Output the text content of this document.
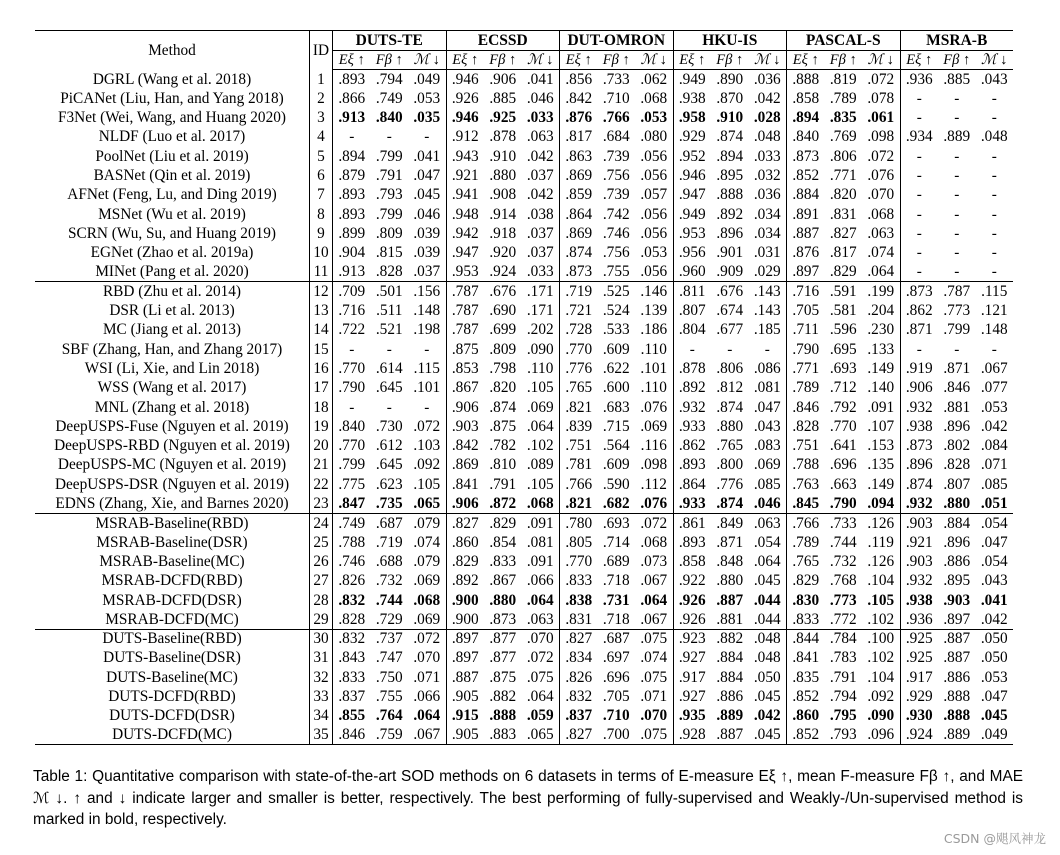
Method	ID	DUTS-TE			ECSSD			DUT-OMRON			HKU-IS			PASCAL-S			MSRA-B		
		Eξ ↑	Fβ ↑	ℳ ↓	Eξ ↑	Fβ ↑	ℳ ↓	Eξ ↑	Fβ ↑	ℳ ↓	Eξ ↑	Fβ ↑	ℳ ↓	Eξ ↑	Fβ ↑	ℳ ↓	Eξ ↑	Fβ ↑	ℳ ↓
DGRL (Wang et al. 2018)	1	.893	.794	.049	.946	.906	.041	.856	.733	.062	.949	.890	.036	.888	.819	.072	.936	.885	.043
PiCANet (Liu, Han, and Yang 2018)	2	.866	.749	.053	.926	.885	.046	.842	.710	.068	.938	.870	.042	.858	.789	.078	-	-	-
F3Net (Wei, Wang, and Huang 2020)	3	.913	.840	.035	.946	.925	.033	.876	.766	.053	.958	.910	.028	.894	.835	.061	-	-	-
NLDF (Luo et al. 2017)	4	-	-	-	.912	.878	.063	.817	.684	.080	.929	.874	.048	.840	.769	.098	.934	.889	.048
PoolNet (Liu et al. 2019)	5	.894	.799	.041	.943	.910	.042	.863	.739	.056	.952	.894	.033	.873	.806	.072	-	-	-
BASNet (Qin et al. 2019)	6	.879	.791	.047	.921	.880	.037	.869	.756	.056	.946	.895	.032	.852	.771	.076	-	-	-
AFNet (Feng, Lu, and Ding 2019)	7	.893	.793	.045	.941	.908	.042	.859	.739	.057	.947	.888	.036	.884	.820	.070	-	-	-
MSNet (Wu et al. 2019)	8	.893	.799	.046	.948	.914	.038	.864	.742	.056	.949	.892	.034	.891	.831	.068	-	-	-
SCRN (Wu, Su, and Huang 2019)	9	.899	.809	.039	.942	.918	.037	.869	.746	.056	.953	.896	.034	.887	.827	.063	-	-	-
EGNet (Zhao et al. 2019a)	10	.904	.815	.039	.947	.920	.037	.874	.756	.053	.956	.901	.031	.876	.817	.074	-	-	-
MINet (Pang et al. 2020)	11	.913	.828	.037	.953	.924	.033	.873	.755	.056	.960	.909	.029	.897	.829	.064	-	-	-
RBD (Zhu et al. 2014)	12	.709	.501	.156	.787	.676	.171	.719	.525	.146	.811	.676	.143	.716	.591	.199	.873	.787	.115
DSR (Li et al. 2013)	13	.716	.511	.148	.787	.690	.171	.721	.524	.139	.807	.674	.143	.705	.581	.204	.862	.773	.121
MC (Jiang et al. 2013)	14	.722	.521	.198	.787	.699	.202	.728	.533	.186	.804	.677	.185	.711	.596	.230	.871	.799	.148
SBF (Zhang, Han, and Zhang 2017)	15	-	-	-	.875	.809	.090	.770	.609	.110	-	-	-	.790	.695	.133	-	-	-
WSI (Li, Xie, and Lin 2018)	16	.770	.614	.115	.853	.798	.110	.776	.622	.101	.878	.806	.086	.771	.693	.149	.919	.871	.067
WSS (Wang et al. 2017)	17	.790	.645	.101	.867	.820	.105	.765	.600	.110	.892	.812	.081	.789	.712	.140	.906	.846	.077
MNL (Zhang et al. 2018)	18	-	-	-	.906	.874	.069	.821	.683	.076	.932	.874	.047	.846	.792	.091	.932	.881	.053
DeepUSPS-Fuse (Nguyen et al. 2019)	19	.840	.730	.072	.903	.875	.064	.839	.715	.069	.933	.880	.043	.828	.770	.107	.938	.896	.042
DeepUSPS-RBD (Nguyen et al. 2019)	20	.770	.612	.103	.842	.782	.102	.751	.564	.116	.862	.765	.083	.751	.641	.153	.873	.802	.084
DeepUSPS-MC (Nguyen et al. 2019)	21	.799	.645	.092	.869	.810	.089	.781	.609	.098	.893	.800	.069	.788	.696	.135	.896	.828	.071
DeepUSPS-DSR (Nguyen et al. 2019)	22	.775	.623	.105	.841	.791	.105	.766	.590	.112	.864	.776	.085	.763	.663	.149	.874	.807	.085
EDNS (Zhang, Xie, and Barnes 2020)	23	.847	.735	.065	.906	.872	.068	.821	.682	.076	.933	.874	.046	.845	.790	.094	.932	.880	.051
MSRAB-Baseline(RBD)	24	.749	.687	.079	.827	.829	.091	.780	.693	.072	.861	.849	.063	.766	.733	.126	.903	.884	.054
MSRAB-Baseline(DSR)	25	.788	.719	.074	.860	.854	.081	.805	.714	.068	.893	.871	.054	.789	.744	.119	.921	.896	.047
MSRAB-Baseline(MC)	26	.746	.688	.079	.829	.833	.091	.770	.689	.073	.858	.848	.064	.765	.732	.126	.903	.886	.054
MSRAB-DCFD(RBD)	27	.826	.732	.069	.892	.867	.066	.833	.718	.067	.922	.880	.045	.829	.768	.104	.932	.895	.043
MSRAB-DCFD(DSR)	28	.832	.744	.068	.900	.880	.064	.838	.731	.064	.926	.887	.044	.830	.773	.105	.938	.903	.041
MSRAB-DCFD(MC)	29	.828	.729	.069	.900	.873	.063	.831	.718	.067	.926	.881	.044	.833	.772	.102	.936	.897	.042
DUTS-Baseline(RBD)	30	.832	.737	.072	.897	.877	.070	.827	.687	.075	.923	.882	.048	.844	.784	.100	.925	.887	.050
DUTS-Baseline(DSR)	31	.843	.747	.070	.897	.877	.072	.834	.697	.074	.927	.884	.048	.841	.783	.102	.925	.887	.050
DUTS-Baseline(MC)	32	.833	.750	.071	.887	.875	.075	.826	.696	.075	.917	.884	.050	.835	.791	.104	.917	.886	.053
DUTS-DCFD(RBD)	33	.837	.755	.066	.905	.882	.064	.832	.705	.071	.927	.886	.045	.852	.794	.092	.929	.888	.047
DUTS-DCFD(DSR)	34	.855	.764	.064	.915	.888	.059	.837	.710	.070	.935	.889	.042	.860	.795	.090	.930	.888	.045
DUTS-DCFD(MC)	35	.846	.759	.067	.905	.883	.065	.827	.700	.075	.928	.887	.045	.852	.793	.096	.924	.889	.049
Table 1: Quantitative comparison with state-of-the-art SOD methods on 6 datasets in terms of E-measure Eξ ↑, mean F-measure Fβ ↑, and MAE ℳ ↓. ↑ and ↓ indicate larger and smaller is better, respectively. The best performing of fully-supervised and Weakly-/Un-supervised method is marked in bold, respectively.
CSDN @飓风神龙
